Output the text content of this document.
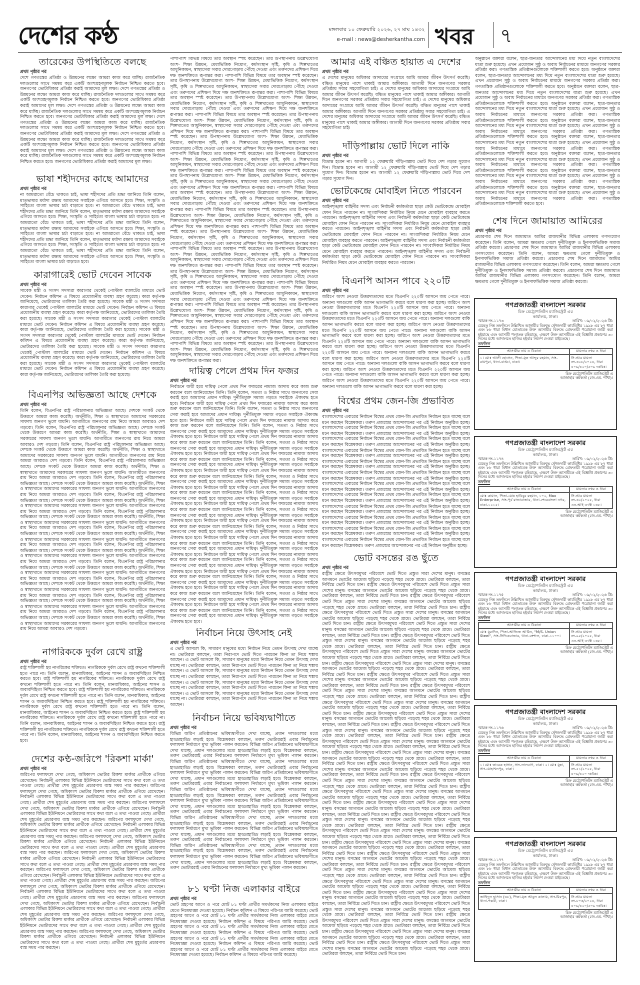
দেশের কণ্ঠ	মঙ্গলবার ১০ ফেব্রুয়ারি ২০২৬, ২৭ মাঘ ১৪৩২
e-mail : news@desherkantha.com খবর ৭
তারেকের উপস্থিতিতে বলছে
প্রথম পৃষ্ঠার পর
দেশে গণতন্ত্রের প্রতিষ্ঠা ও উন্নয়নের লক্ষ্যে আমরা কাজ করে যাচ্ছি। রাজনৈতিক দলগুলোর সাথে সমন্বয় করে একটি অংশগ্রহণমূলক নির্বাচন নিশ্চিত করতে হবে। জনগণের ভোটাধিকার প্রতিষ্ঠা করাই আমাদের মূল লক্ষ্য। দেশে গণতন্ত্রের প্রতিষ্ঠা ও উন্নয়নের লক্ষ্যে আমরা কাজ করে যাচ্ছি। রাজনৈতিক দলগুলোর সাথে সমন্বয় করে একটি অংশগ্রহণমূলক নির্বাচন নিশ্চিত করতে হবে। জনগণের ভোটাধিকার প্রতিষ্ঠা করাই আমাদের মূল লক্ষ্য। দেশে গণতন্ত্রের প্রতিষ্ঠা ও উন্নয়নের লক্ষ্যে আমরা কাজ করে যাচ্ছি। রাজনৈতিক দলগুলোর সাথে সমন্বয় করে একটি অংশগ্রহণমূলক নির্বাচন নিশ্চিত করতে হবে। জনগণের ভোটাধিকার প্রতিষ্ঠা করাই আমাদের মূল লক্ষ্য। দেশে গণতন্ত্রের প্রতিষ্ঠা ও উন্নয়নের লক্ষ্যে আমরা কাজ করে যাচ্ছি। রাজনৈতিক দলগুলোর সাথে সমন্বয় করে একটি অংশগ্রহণমূলক নির্বাচন নিশ্চিত করতে হবে। জনগণের ভোটাধিকার প্রতিষ্ঠা করাই আমাদের মূল লক্ষ্য। দেশে গণতন্ত্রের প্রতিষ্ঠা ও উন্নয়নের লক্ষ্যে আমরা কাজ করে যাচ্ছি। রাজনৈতিক দলগুলোর সাথে সমন্বয় করে একটি অংশগ্রহণমূলক নির্বাচন নিশ্চিত করতে হবে। জনগণের ভোটাধিকার প্রতিষ্ঠা করাই আমাদের মূল লক্ষ্য। দেশে গণতন্ত্রের প্রতিষ্ঠা ও উন্নয়নের লক্ষ্যে আমরা কাজ করে যাচ্ছি। রাজনৈতিক দলগুলোর সাথে সমন্বয় করে একটি অংশগ্রহণমূলক নির্বাচন নিশ্চিত করতে হবে। জনগণের ভোটাধিকার প্রতিষ্ঠা করাই আমাদের মূল লক্ষ্য।
ভাষা শহীদদের কাছে আমাদের
প্রথম পৃষ্ঠার পর
না আমরাতো বেঁচে থাকতে চাই, ভাষা শহীদদের প্রতি শ্রদ্ধা জানিয়ে তিনি বলেন, মাতৃভাষার মর্যাদা রক্ষায় আমাদের সবাইকে এগিয়ে আসতে হবে। শিক্ষা, সংস্কৃতি ও সাহিত্যে বাংলা ভাষার চর্চা বাড়াতে হবে। না আমরাতো বেঁচে থাকতে চাই, ভাষা শহীদদের প্রতি শ্রদ্ধা জানিয়ে তিনি বলেন, মাতৃভাষার মর্যাদা রক্ষায় আমাদের সবাইকে এগিয়ে আসতে হবে। শিক্ষা, সংস্কৃতি ও সাহিত্যে বাংলা ভাষার চর্চা বাড়াতে হবে। না আমরাতো বেঁচে থাকতে চাই, ভাষা শহীদদের প্রতি শ্রদ্ধা জানিয়ে তিনি বলেন, মাতৃভাষার মর্যাদা রক্ষায় আমাদের সবাইকে এগিয়ে আসতে হবে। শিক্ষা, সংস্কৃতি ও সাহিত্যে বাংলা ভাষার চর্চা বাড়াতে হবে। না আমরাতো বেঁচে থাকতে চাই, ভাষা শহীদদের প্রতি শ্রদ্ধা জানিয়ে তিনি বলেন, মাতৃভাষার মর্যাদা রক্ষায় আমাদের সবাইকে এগিয়ে আসতে হবে। শিক্ষা, সংস্কৃতি ও সাহিত্যে বাংলা ভাষার চর্চা বাড়াতে হবে। না আমরাতো বেঁচে থাকতে চাই, ভাষা শহীদদের প্রতি শ্রদ্ধা জানিয়ে তিনি বলেন, মাতৃভাষার মর্যাদা রক্ষায় আমাদের সবাইকে এগিয়ে আসতে হবে। শিক্ষা, সংস্কৃতি ও সাহিত্যে বাংলা ভাষার চর্চা বাড়াতে হবে।
কারাগারেই ভোট দেবেন সাবেক
প্রথম পৃষ্ঠার পর
সাবেক মন্ত্রী ও সংসদ সদস্যরা কারাগার থেকেই পোস্টাল ব্যালটের মাধ্যমে ভোট দেবেন। নির্বাচন কমিশন এ বিষয়ে প্রয়োজনীয় ব্যবস্থা গ্রহণ করেছে। কারা কর্তৃপক্ষ জানিয়েছে, ভোটারদের তালিকা তৈরি করা হয়েছে। সাবেক মন্ত্রী ও সংসদ সদস্যরা কারাগার থেকেই পোস্টাল ব্যালটের মাধ্যমে ভোট দেবেন। নির্বাচন কমিশন এ বিষয়ে প্রয়োজনীয় ব্যবস্থা গ্রহণ করেছে। কারা কর্তৃপক্ষ জানিয়েছে, ভোটারদের তালিকা তৈরি করা হয়েছে। সাবেক মন্ত্রী ও সংসদ সদস্যরা কারাগার থেকেই পোস্টাল ব্যালটের মাধ্যমে ভোট দেবেন। নির্বাচন কমিশন এ বিষয়ে প্রয়োজনীয় ব্যবস্থা গ্রহণ করেছে। কারা কর্তৃপক্ষ জানিয়েছে, ভোটারদের তালিকা তৈরি করা হয়েছে। সাবেক মন্ত্রী ও সংসদ সদস্যরা কারাগার থেকেই পোস্টাল ব্যালটের মাধ্যমে ভোট দেবেন। নির্বাচন কমিশন এ বিষয়ে প্রয়োজনীয় ব্যবস্থা গ্রহণ করেছে। কারা কর্তৃপক্ষ জানিয়েছে, ভোটারদের তালিকা তৈরি করা হয়েছে। সাবেক মন্ত্রী ও সংসদ সদস্যরা কারাগার থেকেই পোস্টাল ব্যালটের মাধ্যমে ভোট দেবেন। নির্বাচন কমিশন এ বিষয়ে প্রয়োজনীয় ব্যবস্থা গ্রহণ করেছে। কারা কর্তৃপক্ষ জানিয়েছে, ভোটারদের তালিকা তৈরি করা হয়েছে। সাবেক মন্ত্রী ও সংসদ সদস্যরা কারাগার থেকেই পোস্টাল ব্যালটের মাধ্যমে ভোট দেবেন। নির্বাচন কমিশন এ বিষয়ে প্রয়োজনীয় ব্যবস্থা গ্রহণ করেছে। কারা কর্তৃপক্ষ জানিয়েছে, ভোটারদের তালিকা তৈরি করা হয়েছে।
বিএনপির অভিজ্ঞতা আছে দেশকে
প্রথম পৃষ্ঠার পর
তিনি বলেন, বিএনপির রাষ্ট্র পরিচালনার অভিজ্ঞতা আছে। দেশকে সংকট থেকে উত্তরণে আমরা কাজ করেছি। অর্থনীতি, শিক্ষা ও স্বাস্থ্যখাতে আমাদের সরকারের সাফল্য জনগণ ভুলে যায়নি। আগামীতে জনগণের রায় নিয়ে আমরা আবারও দেশ গড়বো। তিনি বলেন, বিএনপির রাষ্ট্র পরিচালনার অভিজ্ঞতা আছে। দেশকে সংকট থেকে উত্তরণে আমরা কাজ করেছি। অর্থনীতি, শিক্ষা ও স্বাস্থ্যখাতে আমাদের সরকারের সাফল্য জনগণ ভুলে যায়নি। আগামীতে জনগণের রায় নিয়ে আমরা আবারও দেশ গড়বো। তিনি বলেন, বিএনপির রাষ্ট্র পরিচালনার অভিজ্ঞতা আছে। দেশকে সংকট থেকে উত্তরণে আমরা কাজ করেছি। অর্থনীতি, শিক্ষা ও স্বাস্থ্যখাতে আমাদের সরকারের সাফল্য জনগণ ভুলে যায়নি। আগামীতে জনগণের রায় নিয়ে আমরা আবারও দেশ গড়বো। তিনি বলেন, বিএনপির রাষ্ট্র পরিচালনার অভিজ্ঞতা আছে। দেশকে সংকট থেকে উত্তরণে আমরা কাজ করেছি। অর্থনীতি, শিক্ষা ও স্বাস্থ্যখাতে আমাদের সরকারের সাফল্য জনগণ ভুলে যায়নি। আগামীতে জনগণের রায় নিয়ে আমরা আবারও দেশ গড়বো। তিনি বলেন, বিএনপির রাষ্ট্র পরিচালনার অভিজ্ঞতা আছে। দেশকে সংকট থেকে উত্তরণে আমরা কাজ করেছি। অর্থনীতি, শিক্ষা ও স্বাস্থ্যখাতে আমাদের সরকারের সাফল্য জনগণ ভুলে যায়নি। আগামীতে জনগণের রায় নিয়ে আমরা আবারও দেশ গড়বো। তিনি বলেন, বিএনপির রাষ্ট্র পরিচালনার অভিজ্ঞতা আছে। দেশকে সংকট থেকে উত্তরণে আমরা কাজ করেছি। অর্থনীতি, শিক্ষা ও স্বাস্থ্যখাতে আমাদের সরকারের সাফল্য জনগণ ভুলে যায়নি। আগামীতে জনগণের রায় নিয়ে আমরা আবারও দেশ গড়বো। তিনি বলেন, বিএনপির রাষ্ট্র পরিচালনার অভিজ্ঞতা আছে। দেশকে সংকট থেকে উত্তরণে আমরা কাজ করেছি। অর্থনীতি, শিক্ষা ও স্বাস্থ্যখাতে আমাদের সরকারের সাফল্য জনগণ ভুলে যায়নি। আগামীতে জনগণের রায় নিয়ে আমরা আবারও দেশ গড়বো। তিনি বলেন, বিএনপির রাষ্ট্র পরিচালনার অভিজ্ঞতা আছে। দেশকে সংকট থেকে উত্তরণে আমরা কাজ করেছি। অর্থনীতি, শিক্ষা ও স্বাস্থ্যখাতে আমাদের সরকারের সাফল্য জনগণ ভুলে যায়নি। আগামীতে জনগণের রায় নিয়ে আমরা আবারও দেশ গড়বো। তিনি বলেন, বিএনপির রাষ্ট্র পরিচালনার অভিজ্ঞতা আছে। দেশকে সংকট থেকে উত্তরণে আমরা কাজ করেছি। অর্থনীতি, শিক্ষা ও স্বাস্থ্যখাতে আমাদের সরকারের সাফল্য জনগণ ভুলে যায়নি। আগামীতে জনগণের রায় নিয়ে আমরা আবারও দেশ গড়বো। তিনি বলেন, বিএনপির রাষ্ট্র পরিচালনার অভিজ্ঞতা আছে। দেশকে সংকট থেকে উত্তরণে আমরা কাজ করেছি। অর্থনীতি, শিক্ষা ও স্বাস্থ্যখাতে আমাদের সরকারের সাফল্য জনগণ ভুলে যায়নি। আগামীতে জনগণের রায় নিয়ে আমরা আবারও দেশ গড়বো। তিনি বলেন, বিএনপির রাষ্ট্র পরিচালনার অভিজ্ঞতা আছে। দেশকে সংকট থেকে উত্তরণে আমরা কাজ করেছি। অর্থনীতি, শিক্ষা ও স্বাস্থ্যখাতে আমাদের সরকারের সাফল্য জনগণ ভুলে যায়নি। আগামীতে জনগণের রায় নিয়ে আমরা আবারও দেশ গড়বো। তিনি বলেন, বিএনপির রাষ্ট্র পরিচালনার অভিজ্ঞতা আছে। দেশকে সংকট থেকে উত্তরণে আমরা কাজ করেছি। অর্থনীতি, শিক্ষা ও স্বাস্থ্যখাতে আমাদের সরকারের সাফল্য জনগণ ভুলে যায়নি। আগামীতে জনগণের রায় নিয়ে আমরা আবারও দেশ গড়বো। তিনি বলেন, বিএনপির রাষ্ট্র পরিচালনার অভিজ্ঞতা আছে। দেশকে সংকট থেকে উত্তরণে আমরা কাজ করেছি। অর্থনীতি, শিক্ষা ও স্বাস্থ্যখাতে আমাদের সরকারের সাফল্য জনগণ ভুলে যায়নি। আগামীতে জনগণের রায় নিয়ে আমরা আবারও দেশ গড়বো।
নাগরিককে দুর্বল রেখে রাষ্ট্র
প্রথম পৃষ্ঠার পর
রাষ্ট্র শক্তিশালী হয় নাগরিকের শক্তিতে। নাগরিককে দুর্বল রেখে রাষ্ট্র কখনো শক্তিশালী হতে পারে না। তিনি বলেন, মানবাধিকার, আইনের শাসন ও জবাবদিহিতা নিশ্চিত করতে হবে। রাষ্ট্র শক্তিশালী হয় নাগরিকের শক্তিতে। নাগরিককে দুর্বল রেখে রাষ্ট্র কখনো শক্তিশালী হতে পারে না। তিনি বলেন, মানবাধিকার, আইনের শাসন ও জবাবদিহিতা নিশ্চিত করতে হবে। রাষ্ট্র শক্তিশালী হয় নাগরিকের শক্তিতে। নাগরিককে দুর্বল রেখে রাষ্ট্র কখনো শক্তিশালী হতে পারে না। তিনি বলেন, মানবাধিকার, আইনের শাসন ও জবাবদিহিতা নিশ্চিত করতে হবে। রাষ্ট্র শক্তিশালী হয় নাগরিকের শক্তিতে। নাগরিককে দুর্বল রেখে রাষ্ট্র কখনো শক্তিশালী হতে পারে না। তিনি বলেন, মানবাধিকার, আইনের শাসন ও জবাবদিহিতা নিশ্চিত করতে হবে। রাষ্ট্র শক্তিশালী হয় নাগরিকের শক্তিতে। নাগরিককে দুর্বল রেখে রাষ্ট্র কখনো শক্তিশালী হতে পারে না। তিনি বলেন, মানবাধিকার, আইনের শাসন ও জবাবদিহিতা নিশ্চিত করতে হবে। রাষ্ট্র শক্তিশালী হয় নাগরিকের শক্তিতে। নাগরিককে দুর্বল রেখে রাষ্ট্র কখনো শক্তিশালী হতে পারে না। তিনি বলেন, মানবাধিকার, আইনের শাসন ও জবাবদিহিতা নিশ্চিত করতে হবে।
দেশের কণ্ঠ-জরিপে 'রিকশা মার্কা'
প্রথম পৃষ্ঠার পর
জরিপের ফলাফলে দেখা গেছে, অধিকাংশ ভোটার রিকশা মার্কার প্রার্থীকে এগিয়ে রেখেছেন। নির্বাচনী এলাকার বিভিন্ন ইউনিয়নে ভোটারদের সাথে কথা বলে এ তথ্য পাওয়া গেছে। প্রার্থীরা শেষ মুহূর্তের প্রচারণায় ব্যস্ত সময় পার করছেন। জরিপের ফলাফলে দেখা গেছে, অধিকাংশ ভোটার রিকশা মার্কার প্রার্থীকে এগিয়ে রেখেছেন। নির্বাচনী এলাকার বিভিন্ন ইউনিয়নে ভোটারদের সাথে কথা বলে এ তথ্য পাওয়া গেছে। প্রার্থীরা শেষ মুহূর্তের প্রচারণায় ব্যস্ত সময় পার করছেন। জরিপের ফলাফলে দেখা গেছে, অধিকাংশ ভোটার রিকশা মার্কার প্রার্থীকে এগিয়ে রেখেছেন। নির্বাচনী এলাকার বিভিন্ন ইউনিয়নে ভোটারদের সাথে কথা বলে এ তথ্য পাওয়া গেছে। প্রার্থীরা শেষ মুহূর্তের প্রচারণায় ব্যস্ত সময় পার করছেন। জরিপের ফলাফলে দেখা গেছে, অধিকাংশ ভোটার রিকশা মার্কার প্রার্থীকে এগিয়ে রেখেছেন। নির্বাচনী এলাকার বিভিন্ন ইউনিয়নে ভোটারদের সাথে কথা বলে এ তথ্য পাওয়া গেছে। প্রার্থীরা শেষ মুহূর্তের প্রচারণায় ব্যস্ত সময় পার করছেন। জরিপের ফলাফলে দেখা গেছে, অধিকাংশ ভোটার রিকশা মার্কার প্রার্থীকে এগিয়ে রেখেছেন। নির্বাচনী এলাকার বিভিন্ন ইউনিয়নে ভোটারদের সাথে কথা বলে এ তথ্য পাওয়া গেছে। প্রার্থীরা শেষ মুহূর্তের প্রচারণায় ব্যস্ত সময় পার করছেন। জরিপের ফলাফলে দেখা গেছে, অধিকাংশ ভোটার রিকশা মার্কার প্রার্থীকে এগিয়ে রেখেছেন। নির্বাচনী এলাকার বিভিন্ন ইউনিয়নে ভোটারদের সাথে কথা বলে এ তথ্য পাওয়া গেছে। প্রার্থীরা শেষ মুহূর্তের প্রচারণায় ব্যস্ত সময় পার করছেন। জরিপের ফলাফলে দেখা গেছে, অধিকাংশ ভোটার রিকশা মার্কার প্রার্থীকে এগিয়ে রেখেছেন। নির্বাচনী এলাকার বিভিন্ন ইউনিয়নে ভোটারদের সাথে কথা বলে এ তথ্য পাওয়া গেছে। প্রার্থীরা শেষ মুহূর্তের প্রচারণায় ব্যস্ত সময় পার করছেন। জরিপের ফলাফলে দেখা গেছে, অধিকাংশ ভোটার রিকশা মার্কার প্রার্থীকে এগিয়ে রেখেছেন। নির্বাচনী এলাকার বিভিন্ন ইউনিয়নে ভোটারদের সাথে কথা বলে এ তথ্য পাওয়া গেছে। প্রার্থীরা শেষ মুহূর্তের প্রচারণায় ব্যস্ত সময় পার করছেন। জরিপের ফলাফলে দেখা গেছে, অধিকাংশ ভোটার রিকশা মার্কার প্রার্থীকে এগিয়ে রেখেছেন। নির্বাচনী এলাকার বিভিন্ন ইউনিয়নে ভোটারদের সাথে কথা বলে এ তথ্য পাওয়া গেছে। প্রার্থীরা শেষ মুহূর্তের প্রচারণায় ব্যস্ত সময় পার করছেন। জরিপের ফলাফলে দেখা গেছে, অধিকাংশ ভোটার রিকশা মার্কার প্রার্থীকে এগিয়ে রেখেছেন। নির্বাচনী এলাকার বিভিন্ন ইউনিয়নে ভোটারদের সাথে কথা বলে এ তথ্য পাওয়া গেছে। প্রার্থীরা শেষ মুহূর্তের প্রচারণায় ব্যস্ত সময় পার করছেন। জরিপের ফলাফলে দেখা গেছে, অধিকাংশ ভোটার রিকশা মার্কার প্রার্থীকে এগিয়ে রেখেছেন। নির্বাচনী এলাকার বিভিন্ন ইউনিয়নে ভোটারদের সাথে কথা বলে এ তথ্য পাওয়া গেছে। প্রার্থীরা শেষ মুহূর্তের প্রচারণায় ব্যস্ত সময় পার করছেন।
পাশাপাশি বিভিন্ন বিষয়ে তার অবস্থান স্পষ্ট করেছেন। তার উপস্থাপনায় উল্লেখযোগ্য অংশ- শিক্ষা উন্নয়ন, মেধাভিত্তিক নিয়োগ, কর্মসংস্থান সৃষ্টি, কৃষি ও শিল্পখাতের আধুনিকায়ন, স্বাস্থ্যসেবা সবার দোরগোড়ায় পৌঁছে দেওয়া এবং তরুণদের প্রশিক্ষণ দিয়ে দক্ষ জনশক্তিতে রূপান্তর করা। পাশাপাশি বিভিন্ন বিষয়ে তার অবস্থান স্পষ্ট করেছেন। তার উপস্থাপনায় উল্লেখযোগ্য অংশ- শিক্ষা উন্নয়ন, মেধাভিত্তিক নিয়োগ, কর্মসংস্থান সৃষ্টি, কৃষি ও শিল্পখাতের আধুনিকায়ন, স্বাস্থ্যসেবা সবার দোরগোড়ায় পৌঁছে দেওয়া এবং তরুণদের প্রশিক্ষণ দিয়ে দক্ষ জনশক্তিতে রূপান্তর করা। পাশাপাশি বিভিন্ন বিষয়ে তার অবস্থান স্পষ্ট করেছেন। তার উপস্থাপনায় উল্লেখযোগ্য অংশ- শিক্ষা উন্নয়ন, মেধাভিত্তিক নিয়োগ, কর্মসংস্থান সৃষ্টি, কৃষি ও শিল্পখাতের আধুনিকায়ন, স্বাস্থ্যসেবা সবার দোরগোড়ায় পৌঁছে দেওয়া এবং তরুণদের প্রশিক্ষণ দিয়ে দক্ষ জনশক্তিতে রূপান্তর করা। পাশাপাশি বিভিন্ন বিষয়ে তার অবস্থান স্পষ্ট করেছেন। তার উপস্থাপনায় উল্লেখযোগ্য অংশ- শিক্ষা উন্নয়ন, মেধাভিত্তিক নিয়োগ, কর্মসংস্থান সৃষ্টি, কৃষি ও শিল্পখাতের আধুনিকায়ন, স্বাস্থ্যসেবা সবার দোরগোড়ায় পৌঁছে দেওয়া এবং তরুণদের প্রশিক্ষণ দিয়ে দক্ষ জনশক্তিতে রূপান্তর করা। পাশাপাশি বিভিন্ন বিষয়ে তার অবস্থান স্পষ্ট করেছেন। তার উপস্থাপনায় উল্লেখযোগ্য অংশ- শিক্ষা উন্নয়ন, মেধাভিত্তিক নিয়োগ, কর্মসংস্থান সৃষ্টি, কৃষি ও শিল্পখাতের আধুনিকায়ন, স্বাস্থ্যসেবা সবার দোরগোড়ায় পৌঁছে দেওয়া এবং তরুণদের প্রশিক্ষণ দিয়ে দক্ষ জনশক্তিতে রূপান্তর করা। পাশাপাশি বিভিন্ন বিষয়ে তার অবস্থান স্পষ্ট করেছেন। তার উপস্থাপনায় উল্লেখযোগ্য অংশ- শিক্ষা উন্নয়ন, মেধাভিত্তিক নিয়োগ, কর্মসংস্থান সৃষ্টি, কৃষি ও শিল্পখাতের আধুনিকায়ন, স্বাস্থ্যসেবা সবার দোরগোড়ায় পৌঁছে দেওয়া এবং তরুণদের প্রশিক্ষণ দিয়ে দক্ষ জনশক্তিতে রূপান্তর করা। পাশাপাশি বিভিন্ন বিষয়ে তার অবস্থান স্পষ্ট করেছেন। তার উপস্থাপনায় উল্লেখযোগ্য অংশ- শিক্ষা উন্নয়ন, মেধাভিত্তিক নিয়োগ, কর্মসংস্থান সৃষ্টি, কৃষি ও শিল্পখাতের আধুনিকায়ন, স্বাস্থ্যসেবা সবার দোরগোড়ায় পৌঁছে দেওয়া এবং তরুণদের প্রশিক্ষণ দিয়ে দক্ষ জনশক্তিতে রূপান্তর করা। পাশাপাশি বিভিন্ন বিষয়ে তার অবস্থান স্পষ্ট করেছেন। তার উপস্থাপনায় উল্লেখযোগ্য অংশ- শিক্ষা উন্নয়ন, মেধাভিত্তিক নিয়োগ, কর্মসংস্থান সৃষ্টি, কৃষি ও শিল্পখাতের আধুনিকায়ন, স্বাস্থ্যসেবা সবার দোরগোড়ায় পৌঁছে দেওয়া এবং তরুণদের প্রশিক্ষণ দিয়ে দক্ষ জনশক্তিতে রূপান্তর করা। পাশাপাশি বিভিন্ন বিষয়ে তার অবস্থান স্পষ্ট করেছেন। তার উপস্থাপনায় উল্লেখযোগ্য অংশ- শিক্ষা উন্নয়ন, মেধাভিত্তিক নিয়োগ, কর্মসংস্থান সৃষ্টি, কৃষি ও শিল্পখাতের আধুনিকায়ন, স্বাস্থ্যসেবা সবার দোরগোড়ায় পৌঁছে দেওয়া এবং তরুণদের প্রশিক্ষণ দিয়ে দক্ষ জনশক্তিতে রূপান্তর করা। পাশাপাশি বিভিন্ন বিষয়ে তার অবস্থান স্পষ্ট করেছেন। তার উপস্থাপনায় উল্লেখযোগ্য অংশ- শিক্ষা উন্নয়ন, মেধাভিত্তিক নিয়োগ, কর্মসংস্থান সৃষ্টি, কৃষি ও শিল্পখাতের আধুনিকায়ন, স্বাস্থ্যসেবা সবার দোরগোড়ায় পৌঁছে দেওয়া এবং তরুণদের প্রশিক্ষণ দিয়ে দক্ষ জনশক্তিতে রূপান্তর করা। পাশাপাশি বিভিন্ন বিষয়ে তার অবস্থান স্পষ্ট করেছেন। তার উপস্থাপনায় উল্লেখযোগ্য অংশ- শিক্ষা উন্নয়ন, মেধাভিত্তিক নিয়োগ, কর্মসংস্থান সৃষ্টি, কৃষি ও শিল্পখাতের আধুনিকায়ন, স্বাস্থ্যসেবা সবার দোরগোড়ায় পৌঁছে দেওয়া এবং তরুণদের প্রশিক্ষণ দিয়ে দক্ষ জনশক্তিতে রূপান্তর করা। পাশাপাশি বিভিন্ন বিষয়ে তার অবস্থান স্পষ্ট করেছেন। তার উপস্থাপনায় উল্লেখযোগ্য অংশ- শিক্ষা উন্নয়ন, মেধাভিত্তিক নিয়োগ, কর্মসংস্থান সৃষ্টি, কৃষি ও শিল্পখাতের আধুনিকায়ন, স্বাস্থ্যসেবা সবার দোরগোড়ায় পৌঁছে দেওয়া এবং তরুণদের প্রশিক্ষণ দিয়ে দক্ষ জনশক্তিতে রূপান্তর করা। পাশাপাশি বিভিন্ন বিষয়ে তার অবস্থান স্পষ্ট করেছেন। তার উপস্থাপনায় উল্লেখযোগ্য অংশ- শিক্ষা উন্নয়ন, মেধাভিত্তিক নিয়োগ, কর্মসংস্থান সৃষ্টি, কৃষি ও শিল্পখাতের আধুনিকায়ন, স্বাস্থ্যসেবা সবার দোরগোড়ায় পৌঁছে দেওয়া এবং তরুণদের প্রশিক্ষণ দিয়ে দক্ষ জনশক্তিতে রূপান্তর করা। পাশাপাশি বিভিন্ন বিষয়ে তার অবস্থান স্পষ্ট করেছেন। তার উপস্থাপনায় উল্লেখযোগ্য অংশ- শিক্ষা উন্নয়ন, মেধাভিত্তিক নিয়োগ, কর্মসংস্থান সৃষ্টি, কৃষি ও শিল্পখাতের আধুনিকায়ন, স্বাস্থ্যসেবা সবার দোরগোড়ায় পৌঁছে দেওয়া এবং তরুণদের প্রশিক্ষণ দিয়ে দক্ষ জনশক্তিতে রূপান্তর করা। পাশাপাশি বিভিন্ন বিষয়ে তার অবস্থান স্পষ্ট করেছেন। তার উপস্থাপনায় উল্লেখযোগ্য অংশ- শিক্ষা উন্নয়ন, মেধাভিত্তিক নিয়োগ, কর্মসংস্থান সৃষ্টি, কৃষি ও শিল্পখাতের আধুনিকায়ন, স্বাস্থ্যসেবা সবার দোরগোড়ায় পৌঁছে দেওয়া এবং তরুণদের প্রশিক্ষণ দিয়ে দক্ষ জনশক্তিতে রূপান্তর করা। পাশাপাশি বিভিন্ন বিষয়ে তার অবস্থান স্পষ্ট করেছেন। তার উপস্থাপনায় উল্লেখযোগ্য অংশ- শিক্ষা উন্নয়ন, মেধাভিত্তিক নিয়োগ, কর্মসংস্থান সৃষ্টি, কৃষি ও শিল্পখাতের আধুনিকায়ন, স্বাস্থ্যসেবা সবার দোরগোড়ায় পৌঁছে দেওয়া এবং তরুণদের প্রশিক্ষণ দিয়ে দক্ষ জনশক্তিতে রূপান্তর করা।
দায়িত্ব পেলে প্রথম দিন ফজর
প্রথম পৃষ্ঠার পর
নির্বাচনে জয়ী হয়ে দায়িত্ব পেলে প্রথম দিন ফজরের নামাজ আদায় করে কাজ শুরু করবেন বলে জানিয়েছেন তিনি। তিনি বলেন, সততা ও নিষ্ঠার সাথে জনগণের সেবা করাই হবে আমাদের প্রধান দায়িত্ব। দুর্নীতিমুক্ত সমাজ গড়তে সবাইকে ঐক্যবদ্ধ হতে হবে। নির্বাচনে জয়ী হয়ে দায়িত্ব পেলে প্রথম দিন ফজরের নামাজ আদায় করে কাজ শুরু করবেন বলে জানিয়েছেন তিনি। তিনি বলেন, সততা ও নিষ্ঠার সাথে জনগণের সেবা করাই হবে আমাদের প্রধান দায়িত্ব। দুর্নীতিমুক্ত সমাজ গড়তে সবাইকে ঐক্যবদ্ধ হতে হবে। নির্বাচনে জয়ী হয়ে দায়িত্ব পেলে প্রথম দিন ফজরের নামাজ আদায় করে কাজ শুরু করবেন বলে জানিয়েছেন তিনি। তিনি বলেন, সততা ও নিষ্ঠার সাথে জনগণের সেবা করাই হবে আমাদের প্রধান দায়িত্ব। দুর্নীতিমুক্ত সমাজ গড়তে সবাইকে ঐক্যবদ্ধ হতে হবে। নির্বাচনে জয়ী হয়ে দায়িত্ব পেলে প্রথম দিন ফজরের নামাজ আদায় করে কাজ শুরু করবেন বলে জানিয়েছেন তিনি। তিনি বলেন, সততা ও নিষ্ঠার সাথে জনগণের সেবা করাই হবে আমাদের প্রধান দায়িত্ব। দুর্নীতিমুক্ত সমাজ গড়তে সবাইকে ঐক্যবদ্ধ হতে হবে। নির্বাচনে জয়ী হয়ে দায়িত্ব পেলে প্রথম দিন ফজরের নামাজ আদায় করে কাজ শুরু করবেন বলে জানিয়েছেন তিনি। তিনি বলেন, সততা ও নিষ্ঠার সাথে জনগণের সেবা করাই হবে আমাদের প্রধান দায়িত্ব। দুর্নীতিমুক্ত সমাজ গড়তে সবাইকে ঐক্যবদ্ধ হতে হবে। নির্বাচনে জয়ী হয়ে দায়িত্ব পেলে প্রথম দিন ফজরের নামাজ আদায় করে কাজ শুরু করবেন বলে জানিয়েছেন তিনি। তিনি বলেন, সততা ও নিষ্ঠার সাথে জনগণের সেবা করাই হবে আমাদের প্রধান দায়িত্ব। দুর্নীতিমুক্ত সমাজ গড়তে সবাইকে ঐক্যবদ্ধ হতে হবে। নির্বাচনে জয়ী হয়ে দায়িত্ব পেলে প্রথম দিন ফজরের নামাজ আদায় করে কাজ শুরু করবেন বলে জানিয়েছেন তিনি। তিনি বলেন, সততা ও নিষ্ঠার সাথে জনগণের সেবা করাই হবে আমাদের প্রধান দায়িত্ব। দুর্নীতিমুক্ত সমাজ গড়তে সবাইকে ঐক্যবদ্ধ হতে হবে। নির্বাচনে জয়ী হয়ে দায়িত্ব পেলে প্রথম দিন ফজরের নামাজ আদায় করে কাজ শুরু করবেন বলে জানিয়েছেন তিনি। তিনি বলেন, সততা ও নিষ্ঠার সাথে জনগণের সেবা করাই হবে আমাদের প্রধান দায়িত্ব। দুর্নীতিমুক্ত সমাজ গড়তে সবাইকে ঐক্যবদ্ধ হতে হবে। নির্বাচনে জয়ী হয়ে দায়িত্ব পেলে প্রথম দিন ফজরের নামাজ আদায় করে কাজ শুরু করবেন বলে জানিয়েছেন তিনি। তিনি বলেন, সততা ও নিষ্ঠার সাথে জনগণের সেবা করাই হবে আমাদের প্রধান দায়িত্ব। দুর্নীতিমুক্ত সমাজ গড়তে সবাইকে ঐক্যবদ্ধ হতে হবে। নির্বাচনে জয়ী হয়ে দায়িত্ব পেলে প্রথম দিন ফজরের নামাজ আদায় করে কাজ শুরু করবেন বলে জানিয়েছেন তিনি। তিনি বলেন, সততা ও নিষ্ঠার সাথে জনগণের সেবা করাই হবে আমাদের প্রধান দায়িত্ব। দুর্নীতিমুক্ত সমাজ গড়তে সবাইকে ঐক্যবদ্ধ হতে হবে। নির্বাচনে জয়ী হয়ে দায়িত্ব পেলে প্রথম দিন ফজরের নামাজ আদায় করে কাজ শুরু করবেন বলে জানিয়েছেন তিনি। তিনি বলেন, সততা ও নিষ্ঠার সাথে জনগণের সেবা করাই হবে আমাদের প্রধান দায়িত্ব। দুর্নীতিমুক্ত সমাজ গড়তে সবাইকে ঐক্যবদ্ধ হতে হবে। নির্বাচনে জয়ী হয়ে দায়িত্ব পেলে প্রথম দিন ফজরের নামাজ আদায় করে কাজ শুরু করবেন বলে জানিয়েছেন তিনি। তিনি বলেন, সততা ও নিষ্ঠার সাথে জনগণের সেবা করাই হবে আমাদের প্রধান দায়িত্ব। দুর্নীতিমুক্ত সমাজ গড়তে সবাইকে ঐক্যবদ্ধ হতে হবে। নির্বাচনে জয়ী হয়ে দায়িত্ব পেলে প্রথম দিন ফজরের নামাজ আদায় করে কাজ শুরু করবেন বলে জানিয়েছেন তিনি। তিনি বলেন, সততা ও নিষ্ঠার সাথে জনগণের সেবা করাই হবে আমাদের প্রধান দায়িত্ব। দুর্নীতিমুক্ত সমাজ গড়তে সবাইকে ঐক্যবদ্ধ হতে হবে। নির্বাচনে জয়ী হয়ে দায়িত্ব পেলে প্রথম দিন ফজরের নামাজ আদায় করে কাজ শুরু করবেন বলে জানিয়েছেন তিনি। তিনি বলেন, সততা ও নিষ্ঠার সাথে জনগণের সেবা করাই হবে আমাদের প্রধান দায়িত্ব। দুর্নীতিমুক্ত সমাজ গড়তে সবাইকে ঐক্যবদ্ধ হতে হবে।
নির্বাচন নিয়ে উৎসাহ নেই
প্রথম পৃষ্ঠার পর
এ ভোট আসলে কি, সাধারণ মানুষের মধ্যে নির্বাচন নিয়ে তেমন উৎসাহ দেখা যাচ্ছে না। ভোটাররা বলছেন, তারা নিরাপদে ভোট দিতে পারবেন কিনা তা নিয়ে শঙ্কায় আছেন। এ ভোট আসলে কি, সাধারণ মানুষের মধ্যে নির্বাচন নিয়ে তেমন উৎসাহ দেখা যাচ্ছে না। ভোটাররা বলছেন, তারা নিরাপদে ভোট দিতে পারবেন কিনা তা নিয়ে শঙ্কায় আছেন। এ ভোট আসলে কি, সাধারণ মানুষের মধ্যে নির্বাচন নিয়ে তেমন উৎসাহ দেখা যাচ্ছে না। ভোটাররা বলছেন, তারা নিরাপদে ভোট দিতে পারবেন কিনা তা নিয়ে শঙ্কায় আছেন। এ ভোট আসলে কি, সাধারণ মানুষের মধ্যে নির্বাচন নিয়ে তেমন উৎসাহ দেখা যাচ্ছে না। ভোটাররা বলছেন, তারা নিরাপদে ভোট দিতে পারবেন কিনা তা নিয়ে শঙ্কায় আছেন। এ ভোট আসলে কি, সাধারণ মানুষের মধ্যে নির্বাচন নিয়ে তেমন উৎসাহ দেখা যাচ্ছে না। ভোটাররা বলছেন, তারা নিরাপদে ভোট দিতে পারবেন কিনা তা নিয়ে শঙ্কায় আছেন।
নির্বাচন নিয়ে ভবিষ্যদ্বাণীতে
প্রথম পৃষ্ঠার পর
বিভিন্ন জরিপ প্রতিষ্ঠানের ভবিষ্যদ্বাণীতে দেখা যাচ্ছে, প্রধান দলগুলোর মধ্যে হাড্ডাহাড্ডি লড়াই হবে। বিশ্লেষকরা বলছেন, তরুণ ভোটাররাই এবার নির্বাচনের ফলাফল নির্ধারণে মুখ্য ভূমিকা পালন করবেন। বিভিন্ন জরিপ প্রতিষ্ঠানের ভবিষ্যদ্বাণীতে দেখা যাচ্ছে, প্রধান দলগুলোর মধ্যে হাড্ডাহাড্ডি লড়াই হবে। বিশ্লেষকরা বলছেন, তরুণ ভোটাররাই এবার নির্বাচনের ফলাফল নির্ধারণে মুখ্য ভূমিকা পালন করবেন। বিভিন্ন জরিপ প্রতিষ্ঠানের ভবিষ্যদ্বাণীতে দেখা যাচ্ছে, প্রধান দলগুলোর মধ্যে হাড্ডাহাড্ডি লড়াই হবে। বিশ্লেষকরা বলছেন, তরুণ ভোটাররাই এবার নির্বাচনের ফলাফল নির্ধারণে মুখ্য ভূমিকা পালন করবেন। বিভিন্ন জরিপ প্রতিষ্ঠানের ভবিষ্যদ্বাণীতে দেখা যাচ্ছে, প্রধান দলগুলোর মধ্যে হাড্ডাহাড্ডি লড়াই হবে। বিশ্লেষকরা বলছেন, তরুণ ভোটাররাই এবার নির্বাচনের ফলাফল নির্ধারণে মুখ্য ভূমিকা পালন করবেন। বিভিন্ন জরিপ প্রতিষ্ঠানের ভবিষ্যদ্বাণীতে দেখা যাচ্ছে, প্রধান দলগুলোর মধ্যে হাড্ডাহাড্ডি লড়াই হবে। বিশ্লেষকরা বলছেন, তরুণ ভোটাররাই এবার নির্বাচনের ফলাফল নির্ধারণে মুখ্য ভূমিকা পালন করবেন। বিভিন্ন জরিপ প্রতিষ্ঠানের ভবিষ্যদ্বাণীতে দেখা যাচ্ছে, প্রধান দলগুলোর মধ্যে হাড্ডাহাড্ডি লড়াই হবে। বিশ্লেষকরা বলছেন, তরুণ ভোটাররাই এবার নির্বাচনের ফলাফল নির্ধারণে মুখ্য ভূমিকা পালন করবেন। বিভিন্ন জরিপ প্রতিষ্ঠানের ভবিষ্যদ্বাণীতে দেখা যাচ্ছে, প্রধান দলগুলোর মধ্যে হাড্ডাহাড্ডি লড়াই হবে। বিশ্লেষকরা বলছেন, তরুণ ভোটাররাই এবার নির্বাচনের ফলাফল নির্ধারণে মুখ্য ভূমিকা পালন করবেন। বিভিন্ন জরিপ প্রতিষ্ঠানের ভবিষ্যদ্বাণীতে দেখা যাচ্ছে, প্রধান দলগুলোর মধ্যে হাড্ডাহাড্ডি লড়াই হবে। বিশ্লেষকরা বলছেন, তরুণ ভোটাররাই এবার নির্বাচনের ফলাফল নির্ধারণে মুখ্য ভূমিকা পালন করবেন। বিভিন্ন জরিপ প্রতিষ্ঠানের ভবিষ্যদ্বাণীতে দেখা যাচ্ছে, প্রধান দলগুলোর মধ্যে হাড্ডাহাড্ডি লড়াই হবে। বিশ্লেষকরা বলছেন, তরুণ ভোটাররাই এবার নির্বাচনের ফলাফল নির্ধারণে মুখ্য ভূমিকা পালন করবেন। বিভিন্ন জরিপ প্রতিষ্ঠানের ভবিষ্যদ্বাণীতে দেখা যাচ্ছে, প্রধান দলগুলোর মধ্যে হাড্ডাহাড্ডি লড়াই হবে। বিশ্লেষকরা বলছেন, তরুণ ভোটাররাই এবার নির্বাচনের ফলাফল নির্ধারণে মুখ্য ভূমিকা পালন করবেন।
৮১ ঘণ্টা নিজ এলাকার বাইরে
প্রথম পৃষ্ঠার পর
ভোট গ্রহণের আগে ও পরে মোট ৮১ ঘণ্টা প্রার্থীর সমর্থকদের নিজ এলাকার বাইরে যেতে নিষেধাজ্ঞা দেওয়া হয়েছে। নির্বাচন কমিশন এ বিষয়ে পরিপত্র জারি করেছে। ভোট গ্রহণের আগে ও পরে মোট ৮১ ঘণ্টা প্রার্থীর সমর্থকদের নিজ এলাকার বাইরে যেতে নিষেধাজ্ঞা দেওয়া হয়েছে। নির্বাচন কমিশন এ বিষয়ে পরিপত্র জারি করেছে। ভোট গ্রহণের আগে ও পরে মোট ৮১ ঘণ্টা প্রার্থীর সমর্থকদের নিজ এলাকার বাইরে যেতে নিষেধাজ্ঞা দেওয়া হয়েছে। নির্বাচন কমিশন এ বিষয়ে পরিপত্র জারি করেছে। ভোট গ্রহণের আগে ও পরে মোট ৮১ ঘণ্টা প্রার্থীর সমর্থকদের নিজ এলাকার বাইরে যেতে নিষেধাজ্ঞা দেওয়া হয়েছে। নির্বাচন কমিশন এ বিষয়ে পরিপত্র জারি করেছে। ভোট গ্রহণের আগে ও পরে মোট ৮১ ঘণ্টা প্রার্থীর সমর্থকদের নিজ এলাকার বাইরে যেতে নিষেধাজ্ঞা দেওয়া হয়েছে। নির্বাচন কমিশন এ বিষয়ে পরিপত্র জারি করেছে।
আমার এই বঞ্চিত হায়াত এ দেশের
প্রথম পৃষ্ঠার পর
এ দেশের মানুষের অধিকার আদায়ের সংগ্রামে আমি আমার জীবন উৎসর্গ করেছি। বঞ্চিত মানুষের পাশে থাকাই আমার অঙ্গীকার। আগামী দিনে জনগণের সরকার প্রতিষ্ঠায় সবার সহযোগিতা চাই। এ দেশের মানুষের অধিকার আদায়ের সংগ্রামে আমি আমার জীবন উৎসর্গ করেছি। বঞ্চিত মানুষের পাশে থাকাই আমার অঙ্গীকার। আগামী দিনে জনগণের সরকার প্রতিষ্ঠায় সবার সহযোগিতা চাই। এ দেশের মানুষের অধিকার আদায়ের সংগ্রামে আমি আমার জীবন উৎসর্গ করেছি। বঞ্চিত মানুষের পাশে থাকাই আমার অঙ্গীকার। আগামী দিনে জনগণের সরকার প্রতিষ্ঠায় সবার সহযোগিতা চাই। এ দেশের মানুষের অধিকার আদায়ের সংগ্রামে আমি আমার জীবন উৎসর্গ করেছি। বঞ্চিত মানুষের পাশে থাকাই আমার অঙ্গীকার। আগামী দিনে জনগণের সরকার প্রতিষ্ঠায় সবার সহযোগিতা চাই।
দাঁড়িপাল্লায় ভোট দিলে নাকি
প্রথম পৃষ্ঠার পর
বিভ্রান্ত হবেন না। আগামী ১২ ফেব্রুয়ারি দাঁড়িপাল্লায় ভোট দিয়ে দেশ গড়ার সুযোগ দিন। বিভ্রান্ত হবেন না। আগামী ১২ ফেব্রুয়ারি দাঁড়িপাল্লায় ভোট দিয়ে দেশ গড়ার সুযোগ দিন। বিভ্রান্ত হবেন না। আগামী ১২ ফেব্রুয়ারি দাঁড়িপাল্লায় ভোট দিয়ে দেশ গড়ার সুযোগ দিন।
ভোটকেন্দ্রে মোবাইল নিতে পারবেন
প্রথম পৃষ্ঠার পর
আইনশৃঙ্খলা বাহিনীর সদস্য এবং নির্বাচনী কর্মকর্তারা ছাড়া কেউ ভোটকেন্দ্রে মোবাইল ফোন নিতে পারবেন না। সাংবাদিকরা নির্ধারিত নিয়ম মেনে মোবাইল ব্যবহার করতে পারবেন। আইনশৃঙ্খলা বাহিনীর সদস্য এবং নির্বাচনী কর্মকর্তারা ছাড়া কেউ ভোটকেন্দ্রে মোবাইল ফোন নিতে পারবেন না। সাংবাদিকরা নির্ধারিত নিয়ম মেনে মোবাইল ব্যবহার করতে পারবেন। আইনশৃঙ্খলা বাহিনীর সদস্য এবং নির্বাচনী কর্মকর্তারা ছাড়া কেউ ভোটকেন্দ্রে মোবাইল ফোন নিতে পারবেন না। সাংবাদিকরা নির্ধারিত নিয়ম মেনে মোবাইল ব্যবহার করতে পারবেন। আইনশৃঙ্খলা বাহিনীর সদস্য এবং নির্বাচনী কর্মকর্তারা ছাড়া কেউ ভোটকেন্দ্রে মোবাইল ফোন নিতে পারবেন না। সাংবাদিকরা নির্ধারিত নিয়ম মেনে মোবাইল ব্যবহার করতে পারবেন। আইনশৃঙ্খলা বাহিনীর সদস্য এবং নির্বাচনী কর্মকর্তারা ছাড়া কেউ ভোটকেন্দ্রে মোবাইল ফোন নিতে পারবেন না। সাংবাদিকরা নির্ধারিত নিয়ম মেনে মোবাইল ব্যবহার করতে পারবেন।
বিএনপি আসন পাবে ২২০টি
প্রথম পৃষ্ঠার পর
জরিপে অংশ নেওয়া উত্তরদাতাদের মতে বিএনপি ২২০টি আসনে জয় পেতে পারে। অন্যান্য দলগুলো বাকি আসন ভাগাভাগি করবে বলে ধারণা করা হচ্ছে। জরিপে অংশ নেওয়া উত্তরদাতাদের মতে বিএনপি ২২০টি আসনে জয় পেতে পারে। অন্যান্য দলগুলো বাকি আসন ভাগাভাগি করবে বলে ধারণা করা হচ্ছে। জরিপে অংশ নেওয়া উত্তরদাতাদের মতে বিএনপি ২২০টি আসনে জয় পেতে পারে। অন্যান্য দলগুলো বাকি আসন ভাগাভাগি করবে বলে ধারণা করা হচ্ছে। জরিপে অংশ নেওয়া উত্তরদাতাদের মতে বিএনপি ২২০টি আসনে জয় পেতে পারে। অন্যান্য দলগুলো বাকি আসন ভাগাভাগি করবে বলে ধারণা করা হচ্ছে। জরিপে অংশ নেওয়া উত্তরদাতাদের মতে বিএনপি ২২০টি আসনে জয় পেতে পারে। অন্যান্য দলগুলো বাকি আসন ভাগাভাগি করবে বলে ধারণা করা হচ্ছে। জরিপে অংশ নেওয়া উত্তরদাতাদের মতে বিএনপি ২২০টি আসনে জয় পেতে পারে। অন্যান্য দলগুলো বাকি আসন ভাগাভাগি করবে বলে ধারণা করা হচ্ছে। জরিপে অংশ নেওয়া উত্তরদাতাদের মতে বিএনপি ২২০টি আসনে জয় পেতে পারে। অন্যান্য দলগুলো বাকি আসন ভাগাভাগি করবে বলে ধারণা করা হচ্ছে। জরিপে অংশ নেওয়া উত্তরদাতাদের মতে বিএনপি ২২০টি আসনে জয় পেতে পারে। অন্যান্য দলগুলো বাকি আসন ভাগাভাগি করবে বলে ধারণা করা হচ্ছে। জরিপে অংশ নেওয়া উত্তরদাতাদের মতে বিএনপি ২২০টি আসনে জয় পেতে পারে। অন্যান্য দলগুলো বাকি আসন ভাগাভাগি করবে বলে ধারণা করা হচ্ছে।
বিশ্বের প্রথম জেন-জি প্রভাবিত
প্রথম পৃষ্ঠার পর
বাংলাদেশের এবারের নির্বাচন বিশ্বের প্রথম জেন-জি প্রভাবিত নির্বাচন হতে যাচ্ছে বলে মনে করছেন বিশ্লেষকরা। তরুণ প্রজন্মের আন্দোলনের পর এই নির্বাচন অনুষ্ঠিত হচ্ছে। বাংলাদেশের এবারের নির্বাচন বিশ্বের প্রথম জেন-জি প্রভাবিত নির্বাচন হতে যাচ্ছে বলে মনে করছেন বিশ্লেষকরা। তরুণ প্রজন্মের আন্দোলনের পর এই নির্বাচন অনুষ্ঠিত হচ্ছে। বাংলাদেশের এবারের নির্বাচন বিশ্বের প্রথম জেন-জি প্রভাবিত নির্বাচন হতে যাচ্ছে বলে মনে করছেন বিশ্লেষকরা। তরুণ প্রজন্মের আন্দোলনের পর এই নির্বাচন অনুষ্ঠিত হচ্ছে। বাংলাদেশের এবারের নির্বাচন বিশ্বের প্রথম জেন-জি প্রভাবিত নির্বাচন হতে যাচ্ছে বলে মনে করছেন বিশ্লেষকরা। তরুণ প্রজন্মের আন্দোলনের পর এই নির্বাচন অনুষ্ঠিত হচ্ছে। বাংলাদেশের এবারের নির্বাচন বিশ্বের প্রথম জেন-জি প্রভাবিত নির্বাচন হতে যাচ্ছে বলে মনে করছেন বিশ্লেষকরা। তরুণ প্রজন্মের আন্দোলনের পর এই নির্বাচন অনুষ্ঠিত হচ্ছে। বাংলাদেশের এবারের নির্বাচন বিশ্বের প্রথম জেন-জি প্রভাবিত নির্বাচন হতে যাচ্ছে বলে মনে করছেন বিশ্লেষকরা। তরুণ প্রজন্মের আন্দোলনের পর এই নির্বাচন অনুষ্ঠিত হচ্ছে। বাংলাদেশের এবারের নির্বাচন বিশ্বের প্রথম জেন-জি প্রভাবিত নির্বাচন হতে যাচ্ছে বলে মনে করছেন বিশ্লেষকরা। তরুণ প্রজন্মের আন্দোলনের পর এই নির্বাচন অনুষ্ঠিত হচ্ছে। বাংলাদেশের এবারের নির্বাচন বিশ্বের প্রথম জেন-জি প্রভাবিত নির্বাচন হতে যাচ্ছে বলে মনে করছেন বিশ্লেষকরা। তরুণ প্রজন্মের আন্দোলনের পর এই নির্বাচন অনুষ্ঠিত হচ্ছে। বাংলাদেশের এবারের নির্বাচন বিশ্বের প্রথম জেন-জি প্রভাবিত নির্বাচন হতে যাচ্ছে বলে মনে করছেন বিশ্লেষকরা। তরুণ প্রজন্মের আন্দোলনের পর এই নির্বাচন অনুষ্ঠিত হচ্ছে। বাংলাদেশের এবারের নির্বাচন বিশ্বের প্রথম জেন-জি প্রভাবিত নির্বাচন হতে যাচ্ছে বলে মনে করছেন বিশ্লেষকরা। তরুণ প্রজন্মের আন্দোলনের পর এই নির্বাচন অনুষ্ঠিত হচ্ছে। বাংলাদেশের এবারের নির্বাচন বিশ্বের প্রথম জেন-জি প্রভাবিত নির্বাচন হতে যাচ্ছে বলে মনে করছেন বিশ্লেষকরা। তরুণ প্রজন্মের আন্দোলনের পর এই নির্বাচন অনুষ্ঠিত হচ্ছে। বাংলাদেশের এবারের নির্বাচন বিশ্বের প্রথম জেন-জি প্রভাবিত নির্বাচন হতে যাচ্ছে বলে মনে করছেন বিশ্লেষকরা। তরুণ প্রজন্মের আন্দোলনের পর এই নির্বাচন অনুষ্ঠিত হচ্ছে।
ভোট বসন্তের রঙ ছুঁতে
প্রথম পৃষ্ঠার পর
রাষ্ট্রীয় ক্ষেত্রে উৎসবমুখর পরিবেশে ভোট দিতে প্রস্তুত সারা দেশের মানুষ। বসন্তের আগমনে ভোটের আমেজ ছড়িয়ে পড়েছে শহর থেকে গ্রামে। ভোটাররা বলছেন, তারা নির্বিঘ্নে ভোট দিতে চান। রাষ্ট্রীয় ক্ষেত্রে উৎসবমুখর পরিবেশে ভোট দিতে প্রস্তুত সারা দেশের মানুষ। বসন্তের আগমনে ভোটের আমেজ ছড়িয়ে পড়েছে শহর থেকে গ্রামে। ভোটাররা বলছেন, তারা নির্বিঘ্নে ভোট দিতে চান। রাষ্ট্রীয় ক্ষেত্রে উৎসবমুখর পরিবেশে ভোট দিতে প্রস্তুত সারা দেশের মানুষ। বসন্তের আগমনে ভোটের আমেজ ছড়িয়ে পড়েছে শহর থেকে গ্রামে। ভোটাররা বলছেন, তারা নির্বিঘ্নে ভোট দিতে চান। রাষ্ট্রীয় ক্ষেত্রে উৎসবমুখর পরিবেশে ভোট দিতে প্রস্তুত সারা দেশের মানুষ। বসন্তের আগমনে ভোটের আমেজ ছড়িয়ে পড়েছে শহর থেকে গ্রামে। ভোটাররা বলছেন, তারা নির্বিঘ্নে ভোট দিতে চান। রাষ্ট্রীয় ক্ষেত্রে উৎসবমুখর পরিবেশে ভোট দিতে প্রস্তুত সারা দেশের মানুষ। বসন্তের আগমনে ভোটের আমেজ ছড়িয়ে পড়েছে শহর থেকে গ্রামে। ভোটাররা বলছেন, তারা নির্বিঘ্নে ভোট দিতে চান। রাষ্ট্রীয় ক্ষেত্রে উৎসবমুখর পরিবেশে ভোট দিতে প্রস্তুত সারা দেশের মানুষ। বসন্তের আগমনে ভোটের আমেজ ছড়িয়ে পড়েছে শহর থেকে গ্রামে। ভোটাররা বলছেন, তারা নির্বিঘ্নে ভোট দিতে চান। রাষ্ট্রীয় ক্ষেত্রে উৎসবমুখর পরিবেশে ভোট দিতে প্রস্তুত সারা দেশের মানুষ। বসন্তের আগমনে ভোটের আমেজ ছড়িয়ে পড়েছে শহর থেকে গ্রামে। ভোটাররা বলছেন, তারা নির্বিঘ্নে ভোট দিতে চান। রাষ্ট্রীয় ক্ষেত্রে উৎসবমুখর পরিবেশে ভোট দিতে প্রস্তুত সারা দেশের মানুষ। বসন্তের আগমনে ভোটের আমেজ ছড়িয়ে পড়েছে শহর থেকে গ্রামে। ভোটাররা বলছেন, তারা নির্বিঘ্নে ভোট দিতে চান। রাষ্ট্রীয় ক্ষেত্রে উৎসবমুখর পরিবেশে ভোট দিতে প্রস্তুত সারা দেশের মানুষ। বসন্তের আগমনে ভোটের আমেজ ছড়িয়ে পড়েছে শহর থেকে গ্রামে। ভোটাররা বলছেন, তারা নির্বিঘ্নে ভোট দিতে চান। রাষ্ট্রীয় ক্ষেত্রে উৎসবমুখর পরিবেশে ভোট দিতে প্রস্তুত সারা দেশের মানুষ। বসন্তের আগমনে ভোটের আমেজ ছড়িয়ে পড়েছে শহর থেকে গ্রামে। ভোটাররা বলছেন, তারা নির্বিঘ্নে ভোট দিতে চান। রাষ্ট্রীয় ক্ষেত্রে উৎসবমুখর পরিবেশে ভোট দিতে প্রস্তুত সারা দেশের মানুষ। বসন্তের আগমনে ভোটের আমেজ ছড়িয়ে পড়েছে শহর থেকে গ্রামে। ভোটাররা বলছেন, তারা নির্বিঘ্নে ভোট দিতে চান। রাষ্ট্রীয় ক্ষেত্রে উৎসবমুখর পরিবেশে ভোট দিতে প্রস্তুত সারা দেশের মানুষ। বসন্তের আগমনে ভোটের আমেজ ছড়িয়ে পড়েছে শহর থেকে গ্রামে। ভোটাররা বলছেন, তারা নির্বিঘ্নে ভোট দিতে চান। রাষ্ট্রীয় ক্ষেত্রে উৎসবমুখর পরিবেশে ভোট দিতে প্রস্তুত সারা দেশের মানুষ। বসন্তের আগমনে ভোটের আমেজ ছড়িয়ে পড়েছে শহর থেকে গ্রামে। ভোটাররা বলছেন, তারা নির্বিঘ্নে ভোট দিতে চান। রাষ্ট্রীয় ক্ষেত্রে উৎসবমুখর পরিবেশে ভোট দিতে প্রস্তুত সারা দেশের মানুষ। বসন্তের আগমনে ভোটের আমেজ ছড়িয়ে পড়েছে শহর থেকে গ্রামে। ভোটাররা বলছেন, তারা নির্বিঘ্নে ভোট দিতে চান। রাষ্ট্রীয় ক্ষেত্রে উৎসবমুখর পরিবেশে ভোট দিতে প্রস্তুত সারা দেশের মানুষ। বসন্তের আগমনে ভোটের আমেজ ছড়িয়ে পড়েছে শহর থেকে গ্রামে। ভোটাররা বলছেন, তারা নির্বিঘ্নে ভোট দিতে চান। রাষ্ট্রীয় ক্ষেত্রে উৎসবমুখর পরিবেশে ভোট দিতে প্রস্তুত সারা দেশের মানুষ। বসন্তের আগমনে ভোটের আমেজ ছড়িয়ে পড়েছে শহর থেকে গ্রামে। ভোটাররা বলছেন, তারা নির্বিঘ্নে ভোট দিতে চান। রাষ্ট্রীয় ক্ষেত্রে উৎসবমুখর পরিবেশে ভোট দিতে প্রস্তুত সারা দেশের মানুষ। বসন্তের আগমনে ভোটের আমেজ ছড়িয়ে পড়েছে শহর থেকে গ্রামে। ভোটাররা বলছেন, তারা নির্বিঘ্নে ভোট দিতে চান। রাষ্ট্রীয় ক্ষেত্রে উৎসবমুখর পরিবেশে ভোট দিতে প্রস্তুত সারা দেশের মানুষ। বসন্তের আগমনে ভোটের আমেজ ছড়িয়ে পড়েছে শহর থেকে গ্রামে। ভোটাররা বলছেন, তারা নির্বিঘ্নে ভোট দিতে চান। রাষ্ট্রীয় ক্ষেত্রে উৎসবমুখর পরিবেশে ভোট দিতে প্রস্তুত সারা দেশের মানুষ। বসন্তের আগমনে ভোটের আমেজ ছড়িয়ে পড়েছে শহর থেকে গ্রামে। ভোটাররা বলছেন, তারা নির্বিঘ্নে ভোট দিতে চান। রাষ্ট্রীয় ক্ষেত্রে উৎসবমুখর পরিবেশে ভোট দিতে প্রস্তুত সারা দেশের মানুষ। বসন্তের আগমনে ভোটের আমেজ ছড়িয়ে পড়েছে শহর থেকে গ্রামে। ভোটাররা বলছেন, তারা নির্বিঘ্নে ভোট দিতে চান। রাষ্ট্রীয় ক্ষেত্রে উৎসবমুখর পরিবেশে ভোট দিতে প্রস্তুত সারা দেশের মানুষ। বসন্তের আগমনে ভোটের আমেজ ছড়িয়ে পড়েছে শহর থেকে গ্রামে। ভোটাররা বলছেন, তারা নির্বিঘ্নে ভোট দিতে চান। রাষ্ট্রীয় ক্ষেত্রে উৎসবমুখর পরিবেশে ভোট দিতে প্রস্তুত সারা দেশের মানুষ। বসন্তের আগমনে ভোটের আমেজ ছড়িয়ে পড়েছে শহর থেকে গ্রামে। ভোটাররা বলছেন, তারা নির্বিঘ্নে ভোট দিতে চান। রাষ্ট্রীয় ক্ষেত্রে উৎসবমুখর পরিবেশে ভোট দিতে প্রস্তুত সারা দেশের মানুষ। বসন্তের আগমনে ভোটের আমেজ ছড়িয়ে পড়েছে শহর থেকে গ্রামে। ভোটাররা বলছেন, তারা নির্বিঘ্নে ভোট দিতে চান। রাষ্ট্রীয় ক্ষেত্রে উৎসবমুখর পরিবেশে ভোট দিতে প্রস্তুত সারা দেশের মানুষ। বসন্তের আগমনে ভোটের আমেজ ছড়িয়ে পড়েছে শহর থেকে গ্রামে। ভোটাররা বলছেন, তারা নির্বিঘ্নে ভোট দিতে চান। রাষ্ট্রীয় ক্ষেত্রে উৎসবমুখর পরিবেশে ভোট দিতে প্রস্তুত সারা দেশের মানুষ। বসন্তের আগমনে ভোটের আমেজ ছড়িয়ে পড়েছে শহর থেকে গ্রামে। ভোটাররা বলছেন, তারা নির্বিঘ্নে ভোট দিতে চান। রাষ্ট্রীয় ক্ষেত্রে উৎসবমুখর পরিবেশে ভোট দিতে প্রস্তুত সারা দেশের মানুষ। বসন্তের আগমনে ভোটের আমেজ ছড়িয়ে পড়েছে শহর থেকে গ্রামে। ভোটাররা বলছেন, তারা নির্বিঘ্নে ভোট দিতে চান। রাষ্ট্রীয় ক্ষেত্রে উৎসবমুখর পরিবেশে ভোট দিতে প্রস্তুত সারা দেশের মানুষ। বসন্তের আগমনে ভোটের আমেজ ছড়িয়ে পড়েছে শহর থেকে গ্রামে। ভোটাররা বলছেন, তারা নির্বিঘ্নে ভোট দিতে চান। রাষ্ট্রীয় ক্ষেত্রে উৎসবমুখর পরিবেশে ভোট দিতে প্রস্তুত সারা দেশের মানুষ। বসন্তের আগমনে ভোটের আমেজ ছড়িয়ে পড়েছে শহর থেকে গ্রামে। ভোটাররা বলছেন, তারা নির্বিঘ্নে ভোট দিতে চান। রাষ্ট্রীয় ক্ষেত্রে উৎসবমুখর পরিবেশে ভোট দিতে প্রস্তুত সারা দেশের মানুষ। বসন্তের আগমনে ভোটের আমেজ ছড়িয়ে পড়েছে শহর থেকে গ্রামে। ভোটাররা বলছেন, তারা নির্বিঘ্নে ভোট দিতে চান। রাষ্ট্রীয় ক্ষেত্রে উৎসবমুখর পরিবেশে ভোট দিতে প্রস্তুত সারা দেশের মানুষ। বসন্তের আগমনে ভোটের আমেজ ছড়িয়ে পড়েছে শহর থেকে গ্রামে। ভোটাররা বলছেন, তারা নির্বিঘ্নে ভোট দিতে চান।
অনুষ্ঠানে বক্তারা বলেন, ছাত্র-জনতার আন্দোলনের মধ্য দিয়ে নতুন বাংলাদেশের যাত্রা শুরু হয়েছে। এখন প্রয়োজন সুষ্ঠু ও অবাধ নির্বাচনের মাধ্যমে জনগণের সরকার প্রতিষ্ঠা করা। গণতান্ত্রিক প্রতিষ্ঠানগুলোকে শক্তিশালী করতে হবে। অনুষ্ঠানে বক্তারা বলেন, ছাত্র-জনতার আন্দোলনের মধ্য দিয়ে নতুন বাংলাদেশের যাত্রা শুরু হয়েছে। এখন প্রয়োজন সুষ্ঠু ও অবাধ নির্বাচনের মাধ্যমে জনগণের সরকার প্রতিষ্ঠা করা। গণতান্ত্রিক প্রতিষ্ঠানগুলোকে শক্তিশালী করতে হবে। অনুষ্ঠানে বক্তারা বলেন, ছাত্র-জনতার আন্দোলনের মধ্য দিয়ে নতুন বাংলাদেশের যাত্রা শুরু হয়েছে। এখন প্রয়োজন সুষ্ঠু ও অবাধ নির্বাচনের মাধ্যমে জনগণের সরকার প্রতিষ্ঠা করা। গণতান্ত্রিক প্রতিষ্ঠানগুলোকে শক্তিশালী করতে হবে। অনুষ্ঠানে বক্তারা বলেন, ছাত্র-জনতার আন্দোলনের মধ্য দিয়ে নতুন বাংলাদেশের যাত্রা শুরু হয়েছে। এখন প্রয়োজন সুষ্ঠু ও অবাধ নির্বাচনের মাধ্যমে জনগণের সরকার প্রতিষ্ঠা করা। গণতান্ত্রিক প্রতিষ্ঠানগুলোকে শক্তিশালী করতে হবে। অনুষ্ঠানে বক্তারা বলেন, ছাত্র-জনতার আন্দোলনের মধ্য দিয়ে নতুন বাংলাদেশের যাত্রা শুরু হয়েছে। এখন প্রয়োজন সুষ্ঠু ও অবাধ নির্বাচনের মাধ্যমে জনগণের সরকার প্রতিষ্ঠা করা। গণতান্ত্রিক প্রতিষ্ঠানগুলোকে শক্তিশালী করতে হবে। অনুষ্ঠানে বক্তারা বলেন, ছাত্র-জনতার আন্দোলনের মধ্য দিয়ে নতুন বাংলাদেশের যাত্রা শুরু হয়েছে। এখন প্রয়োজন সুষ্ঠু ও অবাধ নির্বাচনের মাধ্যমে জনগণের সরকার প্রতিষ্ঠা করা। গণতান্ত্রিক প্রতিষ্ঠানগুলোকে শক্তিশালী করতে হবে। অনুষ্ঠানে বক্তারা বলেন, ছাত্র-জনতার আন্দোলনের মধ্য দিয়ে নতুন বাংলাদেশের যাত্রা শুরু হয়েছে। এখন প্রয়োজন সুষ্ঠু ও অবাধ নির্বাচনের মাধ্যমে জনগণের সরকার প্রতিষ্ঠা করা। গণতান্ত্রিক প্রতিষ্ঠানগুলোকে শক্তিশালী করতে হবে। অনুষ্ঠানে বক্তারা বলেন, ছাত্র-জনতার আন্দোলনের মধ্য দিয়ে নতুন বাংলাদেশের যাত্রা শুরু হয়েছে। এখন প্রয়োজন সুষ্ঠু ও অবাধ নির্বাচনের মাধ্যমে জনগণের সরকার প্রতিষ্ঠা করা। গণতান্ত্রিক প্রতিষ্ঠানগুলোকে শক্তিশালী করতে হবে। অনুষ্ঠানে বক্তারা বলেন, ছাত্র-জনতার আন্দোলনের মধ্য দিয়ে নতুন বাংলাদেশের যাত্রা শুরু হয়েছে। এখন প্রয়োজন সুষ্ঠু ও অবাধ নির্বাচনের মাধ্যমে জনগণের সরকার প্রতিষ্ঠা করা। গণতান্ত্রিক প্রতিষ্ঠানগুলোকে শক্তিশালী করতে হবে।
শেষ দিনে জামায়াত আমিরের
প্রথম পৃষ্ঠার পর
প্রচারণার শেষ দিনে জামায়াত আমির রাজধানীর বিভিন্ন এলাকায় গণসংযোগ করেছেন। তিনি বলেন, আমরা ক্ষমতায় গেলে দুর্নীতিমুক্ত ও ইনসাফভিত্তিক সমাজ প্রতিষ্ঠা করবো। প্রচারণার শেষ দিনে জামায়াত আমির রাজধানীর বিভিন্ন এলাকায় গণসংযোগ করেছেন। তিনি বলেন, আমরা ক্ষমতায় গেলে দুর্নীতিমুক্ত ও ইনসাফভিত্তিক সমাজ প্রতিষ্ঠা করবো। প্রচারণার শেষ দিনে জামায়াত আমির রাজধানীর বিভিন্ন এলাকায় গণসংযোগ করেছেন। তিনি বলেন, আমরা ক্ষমতায় গেলে দুর্নীতিমুক্ত ও ইনসাফভিত্তিক সমাজ প্রতিষ্ঠা করবো। প্রচারণার শেষ দিনে জামায়াত আমির রাজধানীর বিভিন্ন এলাকায় গণসংযোগ করেছেন। তিনি বলেন, আমরা ক্ষমতায় গেলে দুর্নীতিমুক্ত ও ইনসাফভিত্তিক সমাজ প্রতিষ্ঠা করবো।
গণপ্রজাতন্ত্রী বাংলাদেশ সরকার
চিফ মেট্রোপলিটন ম্যাজিস্ট্রেট এর
কার্যালয়, ঢাকা।
স্মারক নং-১১৭৩	তারিখ: ০৯/০২/২০২৬ খ্রি:
যেহেতু নিম্ন তফসিলে উল্লিখিত আসামীর বিরুদ্ধে ফৌজদারী কার্যবিধির ১৯৯৮ এর ৮৭ ধারা এবং ৮৮ ধারা বিধান মোতাবেক উক্ত আসামীর বিরুদ্ধে গ্রেফতারী পরোয়ানা জারী করা হইয়াছে এবং আসামী পলাতক রহিয়াছে, এক্ষণে উক্ত আসামীকে এই বিজ্ঞপ্তি প্রকাশের ৩০ দিনের মধ্যে আদালতে হাজির হইবার নির্দেশ দেওয়া যাইতেছে।
তফসিল
আসামীর নাম ও ঠিকানা	মামলার নম্বর ও ধারা
১। মোঃ আলী হোসেন, পিতা-মৃত আব্দুর রহমান, সাং-রামপুরা, থানা-বাড্ডা, ঢাকা।	সি.আর মামলা নং-৩২৮/২০২৪, ধারা ৪০৬/৪২০/৫০৬ দঃবিঃ।
চিফ মেট্রোপলিটন ম্যাজিস্ট্রেট এ
আজাহার কর্মকর্তা (জে.এম. শাখা)।
গণপ্রজাতন্ত্রী বাংলাদেশ সরকার
চিফ মেট্রোপলিটন ম্যাজিস্ট্রেট এর
কার্যালয়, ঢাকা।
স্মারক নং-১১৭৪	তারিখ: ০৯/০২/২০২৬ খ্রি:
যেহেতু নিম্ন তফসিলে উল্লিখিত আসামীর বিরুদ্ধে ফৌজদারী কার্যবিধির ১৯৯৮ এর ৮৭ ধারা এবং ৮৮ ধারা বিধান মোতাবেক উক্ত আসামীর বিরুদ্ধে গ্রেফতারী পরোয়ানা জারী করা হইয়াছে এবং আসামী পলাতক রহিয়াছে, এক্ষণে উক্ত আসামীকে এই বিজ্ঞপ্তি প্রকাশের ৩০ দিনের মধ্যে আদালতে হাজির হইবার নির্দেশ দেওয়া যাইতেছে।
তফসিল
আসামীর নাম ও ঠিকানা	মামলার নম্বর ও ধারা
মোঃ কামাল, পিতা-মোঃ হাবিবুর রহমান, ১০২, Max Enterprise, সাং-পূর্ব রাজাবাজার, থানা-শেরেবাংলা নগর, ঢাকা-১২১৫।	সি.আর মামলা নং-৩২/২০২৫, ধারা এন.আই এ্যাক্ট ১৩৮।
চিফ মেট্রোপলিটন ম্যাজিস্ট্রেট এ
আজাহার কর্মকর্তা (জে.এম. শাখা)।
গণপ্রজাতন্ত্রী বাংলাদেশ সরকার
চিফ মেট্রোপলিটন ম্যাজিস্ট্রেট এর
কার্যালয়, ঢাকা।
স্মারক নং-১১৭৫	তারিখ: ০৯/০২/২০২৬ খ্রি:
যেহেতু নিম্ন তফসিলে উল্লিখিত আসামীর বিরুদ্ধে ফৌজদারী কার্যবিধির ১৯৯৮ এর ৮৭ ধারা এবং ৮৮ ধারা বিধান মোতাবেক উক্ত আসামীর বিরুদ্ধে গ্রেফতারী পরোয়ানা জারী করা হইয়াছে এবং আসামী পলাতক রহিয়াছে, এক্ষণে উক্ত আসামীকে এই বিজ্ঞপ্তি প্রকাশের ৩০ দিনের মধ্যে আদালতে হাজির হইবার নির্দেশ দেওয়া যাইতেছে।
তফসিল
আসামীর নাম ও ঠিকানা	মামলার নম্বর ও ধারা
মোঃ মুরাদিন, পিতা-আজিজ আমিন, "M/S. Union Steel", সাং-সিদ্দিকবাজার, থানা-বংশাল, ঢাকা-১১০০।	সি.আর মামলা নং-৯৫/২০২৫, ধারা এন.আই এ্যাক্ট ১৩৮।
চিফ মেট্রোপলিটন ম্যাজিস্ট্রেট এ
আজাহার কর্মকর্তা (জে.এম. শাখা)।
গণপ্রজাতন্ত্রী বাংলাদেশ সরকার
চিফ মেট্রোপলিটন ম্যাজিস্ট্রেট এর
কার্যালয়, ঢাকা।
স্মারক নং-১১৭৬	তারিখ: ০৯/০২/২০২৬ খ্রি:
যেহেতু নিম্ন তফসিলে উল্লিখিত আসামীর বিরুদ্ধে ফৌজদারী কার্যবিধির ১৯৯৮ এর ৮৭ ধারা এবং ৮৮ ধারা বিধান মোতাবেক উক্ত আসামীর বিরুদ্ধে গ্রেফতারী পরোয়ানা জারী করা হইয়াছে এবং আসামী পলাতক রহিয়াছে, এক্ষণে উক্ত আসামীকে এই বিজ্ঞপ্তি প্রকাশের ৩০ দিনের মধ্যে আদালতে হাজির হইবার নির্দেশ দেওয়া যাইতেছে।
তফসিল
আসামীর নাম ও ঠিকানা	মামলার নম্বর ও ধারা
১। মোঃ তারেক হাসান, সাং-লালবাগ, ঢাকা। ২। মোঃ মুন্না, সাং-মোহাম্মদপুর, ঢাকা।	সি.আর মামলা নং-৫১/২০২৫, ধারা ৪০৬/৪২০ দঃবিঃ।
চিফ মেট্রোপলিটন ম্যাজিস্ট্রেট এ
আজাহার কর্মকর্তা (জে.এম. শাখা)।
গণপ্রজাতন্ত্রী বাংলাদেশ সরকার
চিফ মেট্রোপলিটন ম্যাজিস্ট্রেট এর
কার্যালয়, ঢাকা।
স্মারক নং-১১৭৭	তারিখ: ০৯/০২/২০২৬ খ্রি:
যেহেতু নিম্ন তফসিলে উল্লিখিত আসামীর বিরুদ্ধে ফৌজদারী কার্যবিধির ১৯৯৮ এর ৮৭ ধারা এবং ৮৮ ধারা বিধান মোতাবেক উক্ত আসামীর বিরুদ্ধে গ্রেফতারী পরোয়ানা জারী করা হইয়াছে এবং আসামী পলাতক রহিয়াছে, এক্ষণে উক্ত আসামীকে এই বিজ্ঞপ্তি প্রকাশের ৩০ দিনের মধ্যে আদালতে হাজির হইবার নির্দেশ দেওয়া যাইতেছে।
তফসিল
আসামীর নাম ও ঠিকানা	মামলার নম্বর ও ধারা
জাহিদুল হাসান (৩৮), পিতা-মৃত আবুল কালাম, সাং-মিরপুর, থানা-পল্লবী, ঢাকা।	সি.আর মামলা নং-৮০৩/২০২৪, ধারা ৪০৬/৪২০/৫০৬ দঃবিঃ।
চিফ মেট্রোপলিটন ম্যাজিস্ট্রেট এ
আজাহার কর্মকর্তা (জে.এম. শাখা)।
